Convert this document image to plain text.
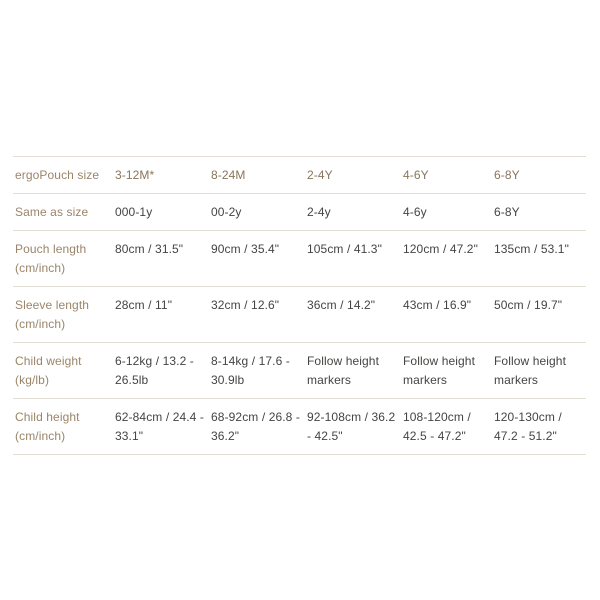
ergoPouch size	3-12M*	8-24M	2-4Y	4-6Y	6-8Y
Same as size	000-1y	00-2y	2-4y	4-6y	6-8Y
Pouch length (cm/inch)	80cm / 31.5"	90cm / 35.4"	105cm / 41.3"	120cm / 47.2"	135cm / 53.1"
Sleeve length (cm/inch)	28cm / 11"	32cm / 12.6"	36cm / 14.2"	43cm / 16.9"	50cm / 19.7"
Child weight (kg/lb)	6-12kg / 13.2 - 26.5lb	8-14kg / 17.6 - 30.9lb	Follow height markers	Follow height markers	Follow height markers
Child height (cm/inch)	62-84cm / 24.4 - 33.1"	68-92cm / 26.8 - 36.2"	92-108cm / 36.2 - 42.5"	108-120cm / 42.5 - 47.2"	120-130cm / 47.2 - 51.2"
